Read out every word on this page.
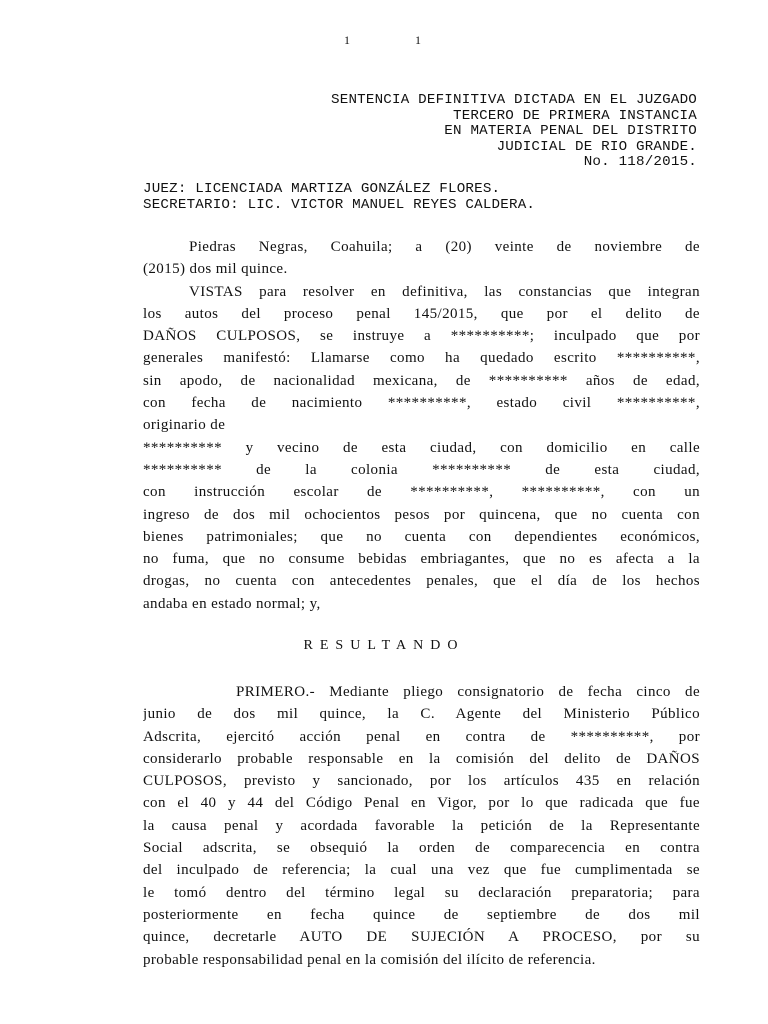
1	1
SENTENCIA DEFINITIVA DICTADA EN EL JUZGADO
TERCERO DE PRIMERA INSTANCIA
EN MATERIA PENAL DEL DISTRITO
JUDICIAL DE RIO GRANDE.
No. 118/2015.
JUEZ: LICENCIADA MARTIZA GONZÁLEZ FLORES.
SECRETARIO: LIC. VICTOR MANUEL REYES CALDERA.
Piedras Negras, Coahuila; a (20) veinte de noviembre de
(2015) dos mil quince.
VISTAS para resolver en definitiva, las constancias que integran
los autos del proceso penal 145/2015, que por el delito de
DAÑOS CULPOSOS, se instruye a **********; inculpado que por
generales manifestó: Llamarse como ha quedado escrito **********,
sin apodo, de nacionalidad mexicana, de ********** años de edad,
con fecha de nacimiento **********, estado civil **********,
originario de
********** y vecino de esta ciudad, con domicilio en calle
********** de la colonia ********** de esta ciudad,
con instrucción escolar de **********, **********, con un
ingreso de dos mil ochocientos pesos por quincena, que no cuenta con
bienes patrimoniales; que no cuenta con dependientes económicos,
no fuma, que no consume bebidas embriagantes, que no es afecta a la
drogas, no cuenta con antecedentes penales, que el día de los hechos
andaba en estado normal; y,
RESULTANDO
PRIMERO.- Mediante pliego consignatorio de fecha cinco de
junio de dos mil quince, la C. Agente del Ministerio Público
Adscrita, ejercitó acción penal en contra de **********, por
considerarlo probable responsable en la comisión del delito de DAÑOS
CULPOSOS, previsto y sancionado, por los artículos 435 en relación
con el 40 y 44 del Código Penal en Vigor, por lo que radicada que fue
la causa penal y acordada favorable la petición de la Representante
Social adscrita, se obsequió la orden de comparecencia en contra
del inculpado de referencia; la cual una vez que fue cumplimentada se
le tomó dentro del término legal su declaración preparatoria; para
posteriormente en fecha quince de septiembre de dos mil
quince, decretarle AUTO DE SUJECIÓN A PROCESO, por su
probable responsabilidad penal en la comisión del ilícito de referencia.
